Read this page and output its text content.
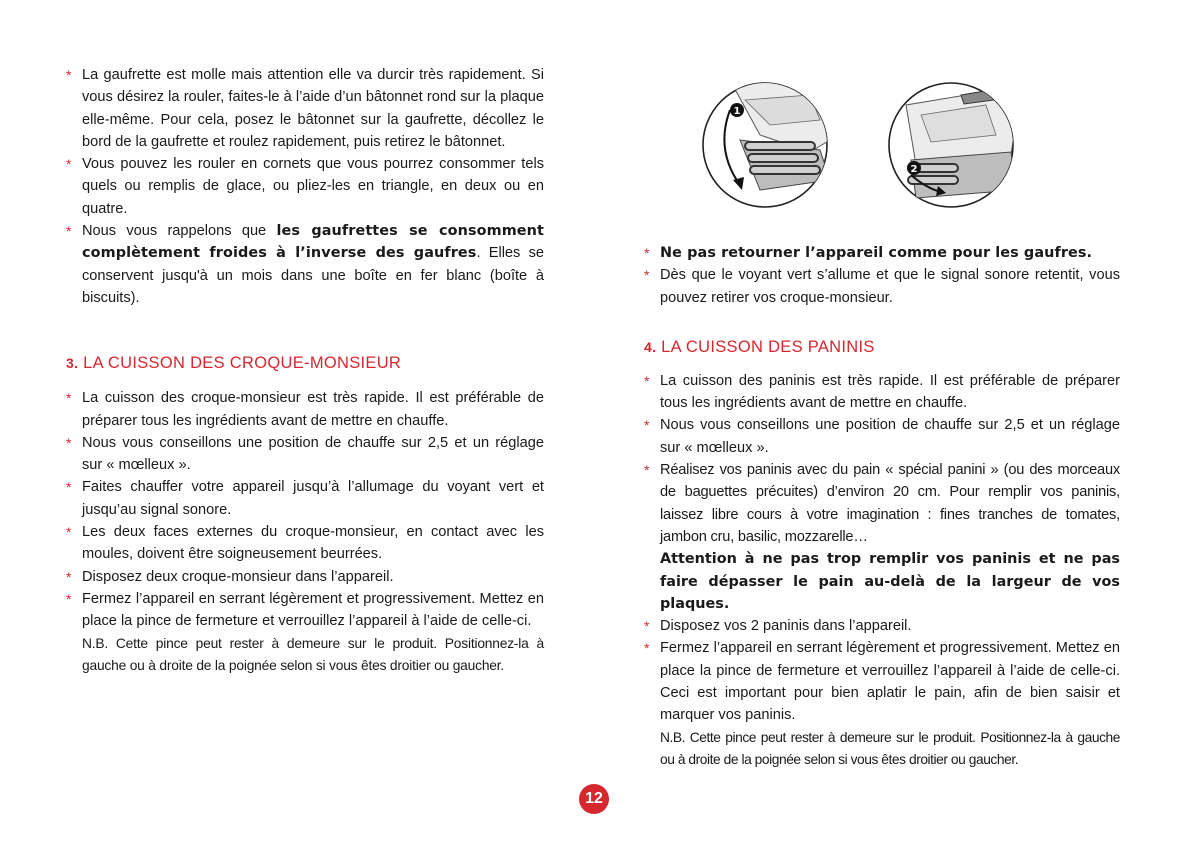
* La gaufrette est molle mais attention elle va durcir très rapidement. Si vous désirez la rouler, faites-le à l’aide d’un bâtonnet rond sur la plaque elle-même. Pour cela, posez le bâtonnet sur la gaufrette, décollez le bord de la gaufrette et roulez rapidement, puis retirez le bâtonnet.
* Vous pouvez les rouler en cornets que vous pourrez consommer tels quels ou remplis de glace, ou pliez-les en triangle, en deux ou en quatre.
* Nous vous rappelons que les gaufrettes se consomment complètement froides à l’inverse des gaufres. Elles se conservent jusqu'à un mois dans une boîte en fer blanc (boîte à biscuits).
3. LA CUISSON DES CROQUE-MONSIEUR
* La cuisson des croque-monsieur est très rapide. Il est préférable de préparer tous les ingrédients avant de mettre en chauffe.
* Nous vous conseillons une position de chauffe sur 2,5 et un réglage sur « mœlleux ».
* Faites chauffer votre appareil jusqu’à l’allumage du voyant vert et jusqu’au signal sonore.
* Les deux faces externes du croque-monsieur, en contact avec les moules, doivent être soigneusement beurrées.
* Disposez deux croque-monsieur dans l’appareil.
* Fermez l’appareil en serrant légèrement et progressivement. Mettez en place la pince de fermeture et verrouillez l’appareil à l’aide de celle-ci.
N.B. Cette pince peut rester à demeure sur le produit. Positionnez-la à gauche ou à droite de la poignée selon si vous êtes droitier ou gaucher.
1
2
* Ne pas retourner l’appareil comme pour les gaufres.
* Dès que le voyant vert s’allume et que le signal sonore retentit, vous pouvez retirer vos croque-monsieur.
4. LA CUISSON DES PANINIS
* La cuisson des paninis est très rapide. Il est préférable de préparer tous les ingrédients avant de mettre en chauffe.
* Nous vous conseillons une position de chauffe sur 2,5 et un réglage sur « mœlleux ».
* Réalisez vos paninis avec du pain « spécial panini » (ou des morceaux de baguettes précuites) d’environ 20 cm. Pour remplir vos paninis, laissez libre cours à votre imagination : fines tranches de tomates, jambon cru, basilic, mozzarelle…
Attention à ne pas trop remplir vos paninis et ne pas faire dépasser le pain au-delà de la largeur de vos plaques.
* Disposez vos 2 paninis dans l’appareil.
* Fermez l’appareil en serrant légèrement et progressivement. Mettez en place la pince de fermeture et verrouillez l’appareil à l’aide de celle-ci. Ceci est important pour bien aplatir le pain, afin de bien saisir et marquer vos paninis.
N.B. Cette pince peut rester à demeure sur le produit. Positionnez-la à gauche ou à droite de la poignée selon si vous êtes droitier ou gaucher.
12
